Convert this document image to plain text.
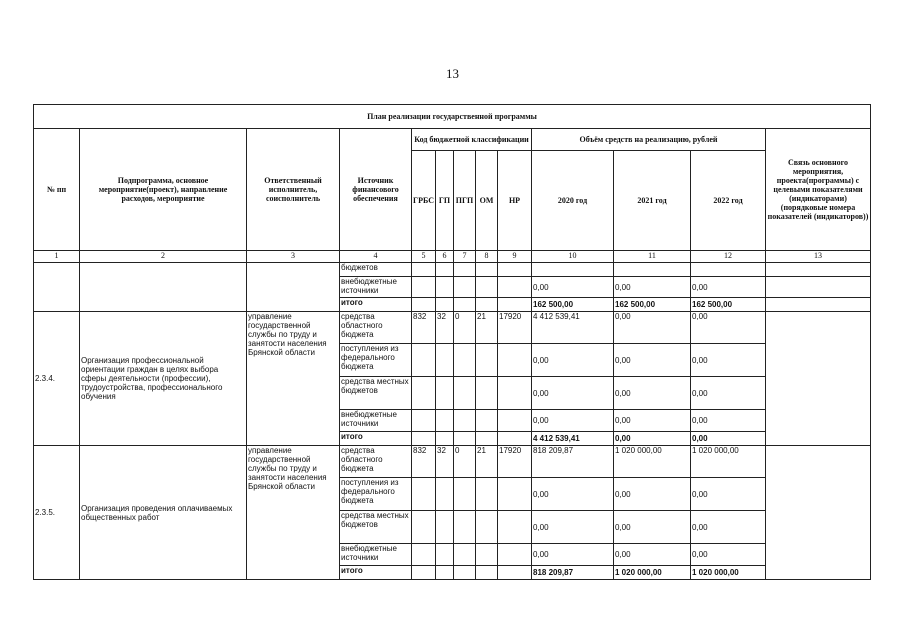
13
План реализации государственной программы												
№ пп	Подпрограмма, основное мероприятие(проект), направление расходов, мероприятие	Ответственный исполнитель, соисполнитель	Источник финансового обеспечения	Код бюджетной классификации					Объём средств на реализацию, рублей			Связь основного мероприятия, проекта(программы) с целевыми показателями (индикаторами) (порядковые номера показателей (индикаторов))
				ГРБС	ГП	ПГП	ОМ	НР	2020 год	2021 год	2022 год	
1	2	3	4	5	6	7	8	9	10	11	12	13
			бюджетов									
			внебюджетные источники						0,00	0,00	0,00	
			итого						162 500,00	162 500,00	162 500,00	
2.3.4.	Организация профессиональной ориентации граждан в целях выбора сферы деятельности (профессии), трудоустройства, профессионального обучения	управление государственной службы по труду и занятости населения Брянской области	средства областного бюджета	832	32	0	21	17920	4 412 539,41	0,00	0,00	
			поступления из федерального бюджета						0,00	0,00	0,00	
			средства местных бюджетов						0,00	0,00	0,00	
			внебюджетные источники						0,00	0,00	0,00	
			итого						4 412 539,41	0,00	0,00	
2.3.5.	Организация проведения оплачиваемых общественных работ	управление государственной службы по труду и занятости населения Брянской области	средства областного бюджета	832	32	0	21	17920	818 209,87	1 020 000,00	1 020 000,00	
			поступления из федерального бюджета						0,00	0,00	0,00	
			средства местных бюджетов						0,00	0,00	0,00	
			внебюджетные источники						0,00	0,00	0,00	
			итого						818 209,87	1 020 000,00	1 020 000,00	
